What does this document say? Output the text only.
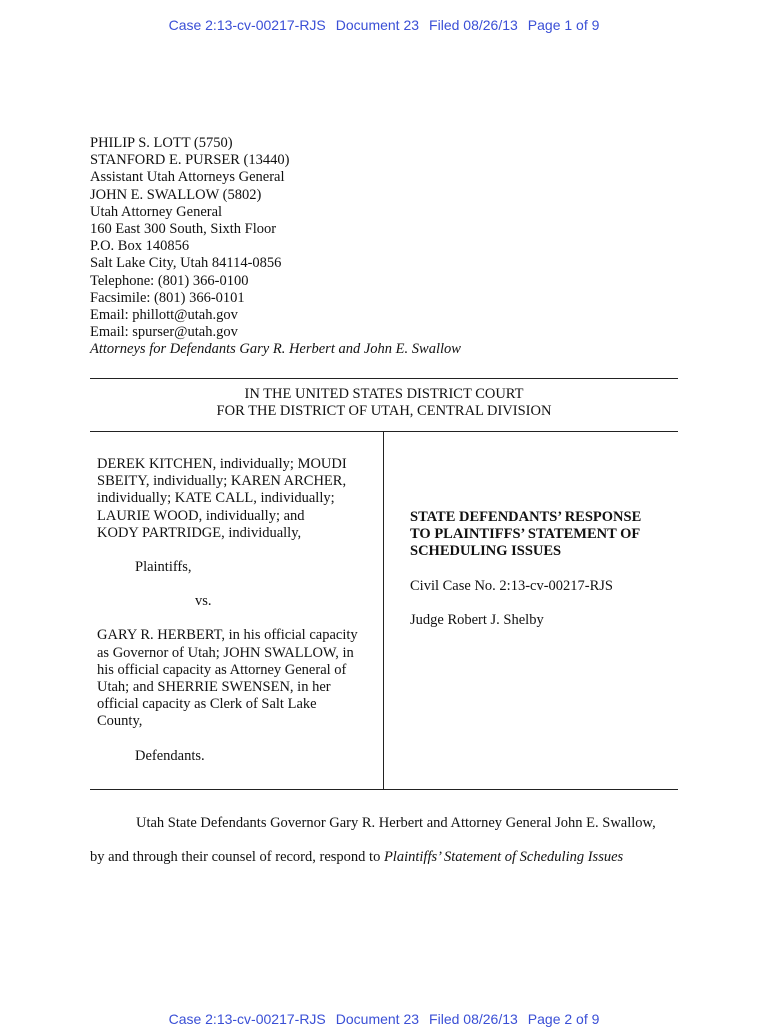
Case 2:13-cv-00217-RJS Document 23 Filed 08/26/13 Page 1 of 9
PHILIP S. LOTT (5750)
STANFORD E. PURSER (13440)
Assistant Utah Attorneys General
JOHN E. SWALLOW (5802)
Utah Attorney General
160 East 300 South, Sixth Floor
P.O. Box 140856
Salt Lake City, Utah 84114-0856
Telephone: (801) 366-0100
Facsimile: (801) 366-0101
Email: phillott@utah.gov
Email: spurser@utah.gov
Attorneys for Defendants Gary R. Herbert and John E. Swallow
IN THE UNITED STATES DISTRICT COURT
FOR THE DISTRICT OF UTAH, CENTRAL DIVISION
DEREK KITCHEN, individually; MOUDI
SBEITY, individually; KAREN ARCHER,
individually; KATE CALL, individually;
LAURIE WOOD, individually; and
KODY PARTRIDGE, individually,
Plaintiffs,
vs.
GARY R. HERBERT, in his official capacity
as Governor of Utah; JOHN SWALLOW, in
his official capacity as Attorney General of
Utah; and SHERRIE SWENSEN, in her
official capacity as Clerk of Salt Lake
County,
Defendants.
STATE DEFENDANTS’ RESPONSE
TO PLAINTIFFS’ STATEMENT OF
SCHEDULING ISSUES
Civil Case No. 2:13-cv-00217-RJS
Judge Robert J. Shelby

Utah State Defendants Governor Gary R. Herbert and Attorney General John E. Swallow,

by and through their counsel of record, respond to Plaintiffs’ Statement of Scheduling Issues

Case 2:13-cv-00217-RJS Document 23 Filed 08/26/13 Page 2 of 9
